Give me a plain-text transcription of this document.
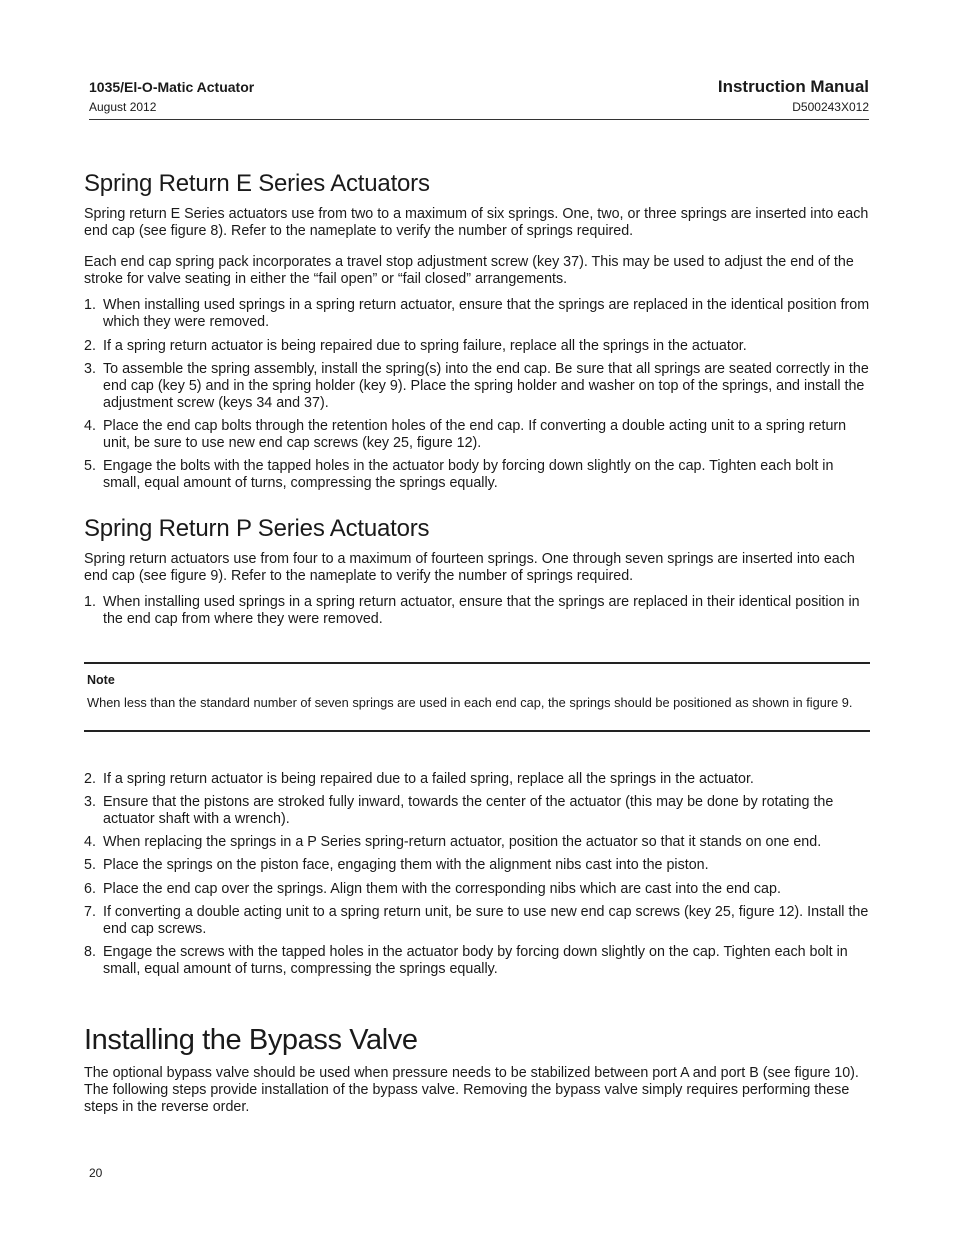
1035/El-O-Matic Actuator
August 2012
Instruction Manual
D500243X012
Spring Return E Series Actuators
Spring return E Series actuators use from two to a maximum of six springs. One, two, or three springs are inserted into each end cap (see figure 8). Refer to the nameplate to verify the number of springs required.
Each end cap spring pack incorporates a travel stop adjustment screw (key 37). This may be used to adjust the end of the stroke for valve seating in either the “fail open” or “fail closed” arrangements.
1. When installing used springs in a spring return actuator, ensure that the springs are replaced in the identical position from which they were removed.
2. If a spring return actuator is being repaired due to spring failure, replace all the springs in the actuator.
3. To assemble the spring assembly, install the spring(s) into the end cap. Be sure that all springs are seated correctly in the end cap (key 5) and in the spring holder (key 9). Place the spring holder and washer on top of the springs, and install the adjustment screw (keys 34 and 37).
4. Place the end cap bolts through the retention holes of the end cap. If converting a double acting unit to a spring return unit, be sure to use new end cap screws (key 25, figure 12).
5. Engage the bolts with the tapped holes in the actuator body by forcing down slightly on the cap. Tighten each bolt in small, equal amount of turns, compressing the springs equally.
Spring Return P Series Actuators
Spring return actuators use from four to a maximum of fourteen springs. One through seven springs are inserted into each end cap (see figure 9). Refer to the nameplate to verify the number of springs required.
1. When installing used springs in a spring return actuator, ensure that the springs are replaced in their identical position in the end cap from where they were removed.
Note
When less than the standard number of seven springs are used in each end cap, the springs should be positioned as shown in figure 9.
2. If a spring return actuator is being repaired due to a failed spring, replace all the springs in the actuator.
3. Ensure that the pistons are stroked fully inward, towards the center of the actuator (this may be done by rotating the actuator shaft with a wrench).
4. When replacing the springs in a P Series spring-return actuator, position the actuator so that it stands on one end.
5. Place the springs on the piston face, engaging them with the alignment nibs cast into the piston.
6. Place the end cap over the springs. Align them with the corresponding nibs which are cast into the end cap.
7. If converting a double acting unit to a spring return unit, be sure to use new end cap screws (key 25, figure 12). Install the end cap screws.
8. Engage the screws with the tapped holes in the actuator body by forcing down slightly on the cap. Tighten each bolt in small, equal amount of turns, compressing the springs equally.
Installing the Bypass Valve
The optional bypass valve should be used when pressure needs to be stabilized between port A and port B (see figure 10). The following steps provide installation of the bypass valve. Removing the bypass valve simply requires performing these steps in the reverse order.
20
